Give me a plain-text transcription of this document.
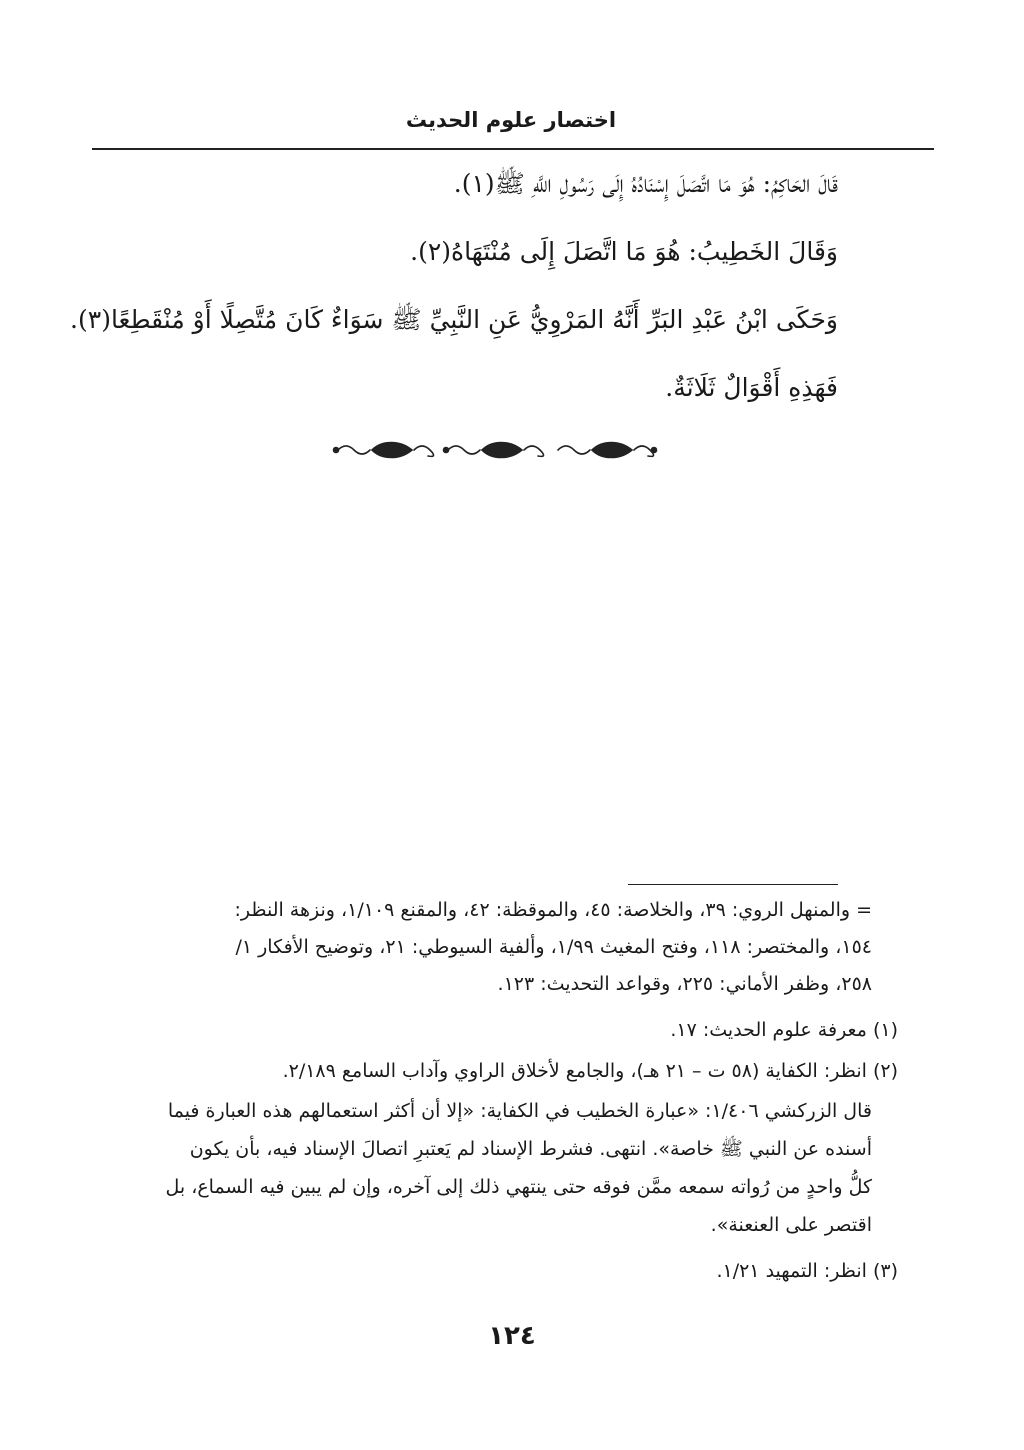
اختصار علوم الحديث
قَالَ الحَاكِمُ: هُوَ مَا اتَّصَلَ إِسْنَادُهُ إِلَى رَسُولِ اللَّهِ ﷺ(١).
وَقَالَ الخَطِيبُ: هُوَ مَا اتَّصَلَ إِلَى مُنْتَهَاهُ(٢).
وَحَكَى ابْنُ عَبْدِ البَرِّ أَنَّهُ المَرْوِيُّ عَنِ النَّبِيِّ ﷺ سَوَاءٌ كَانَ مُتَّصِلًا أَوْ مُنْقَطِعًا(٣).
فَهَذِهِ أَقْوَالٌ ثَلَاثَةٌ.
= والمنهل الروي: ٣٩، والخلاصة: ٤٥، والموقظة: ٤٢، والمقنع ١/١٠٩، ونزهة النظر:
١٥٤، والمختصر: ١١٨، وفتح المغيث ١/٩٩، وألفية السيوطي: ٢١، وتوضيح الأفكار ١/
٢٥٨، وظفر الأماني: ٢٢٥، وقواعد التحديث: ١٢٣.
(١) معرفة علوم الحديث: ١٧.
(٢) انظر: الكفاية (٥٨ ت – ٢١ هـ)، والجامع لأخلاق الراوي وآداب السامع ٢/١٨٩.
قال الزركشي ١/٤٠٦: «عبارة الخطيب في الكفاية: «إلا أن أكثر استعمالهم هذه العبارة فيما
أسنده عن النبي ﷺ خاصة». انتهى. فشرط الإسناد لم يَعتبرِ اتصالَ الإسناد فيه، بأن يكون
كلُّ واحدٍ من رُواته سمعه ممَّن فوقه حتى ينتهي ذلك إلى آخره، وإن لم يبين فيه السماع، بل
اقتصر على العنعنة».
(٣) انظر: التمهيد ١/٢١.
١٢٤
